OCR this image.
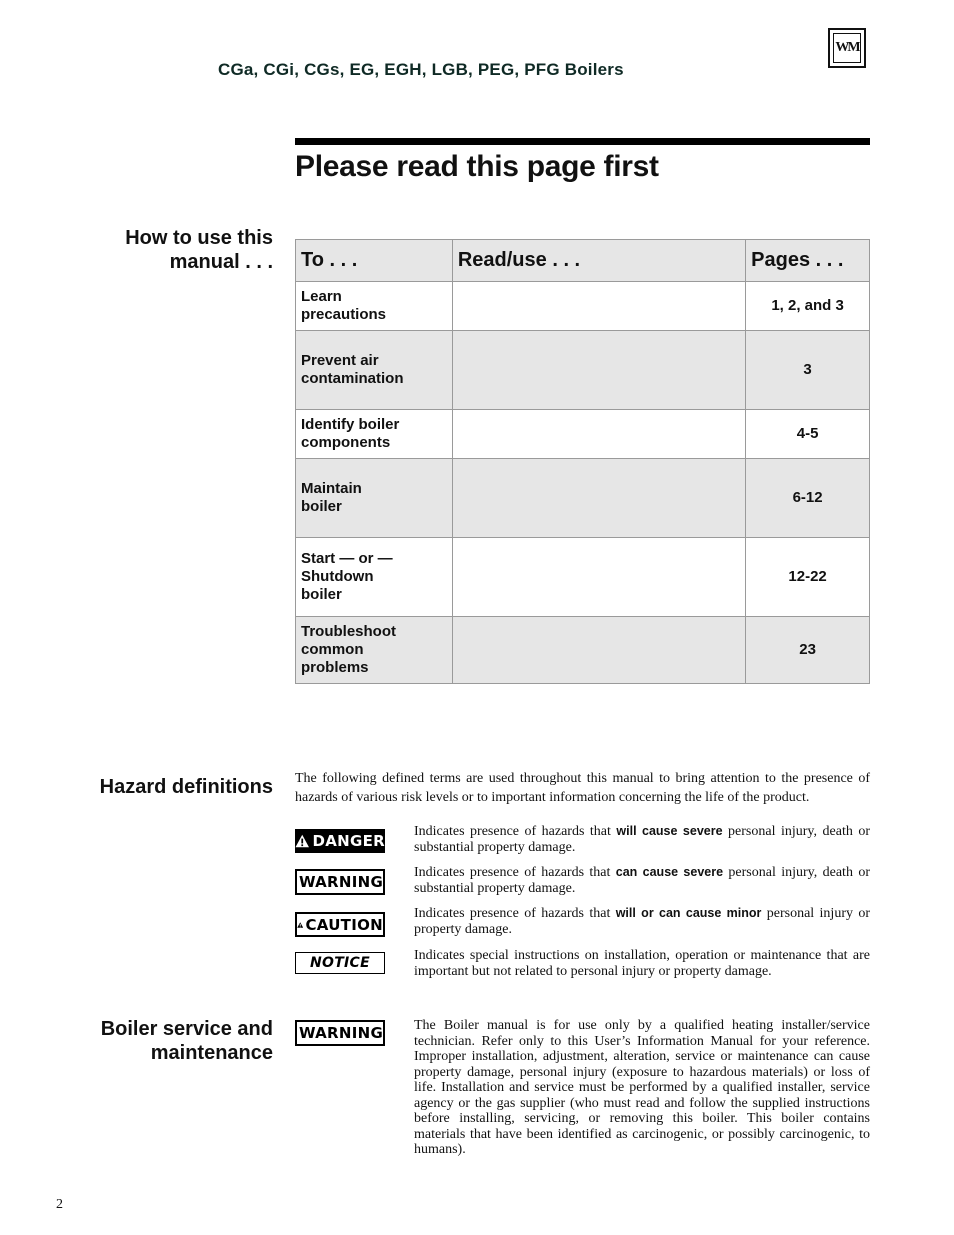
CGa, CGi, CGs, EG, EGH, LGB, PEG, PFG Boilers
WM
Please read this page first
How to use this
manual . . . To . . .	Read/use . . .	Pages . . .

Learn
precautions		1, 2, and 3

Prevent air
contamination		3

Identify boiler
components		4-5

Maintain
boiler		6-12

Start — or —
Shutdown
boiler		12-22

Troubleshoot
common
problems		23
Hazard definitions The following defined terms are used throughout this manual to bring attention to the presence of hazards of various risk levels or to important information concerning the life of the product.
DANGER
Indicates presence of hazards that will cause severe personal injury, death or substantial property damage.
WARNING
Indicates presence of hazards that can cause severe personal injury, death or substantial property damage.
CAUTION
Indicates presence of hazards that will or can cause minor personal injury or property damage.
NOTICE	Indicates special instructions on installation, operation or maintenance that are important but not related to personal injury or property damage.
Boiler service and
maintenance
WARNING The Boiler manual is for use only by a qualified heating installer/service technician. Refer only to this User’s Information Manual for your reference. Improper installation, adjustment, alteration, service or maintenance can cause property damage, personal injury (exposure to hazardous materials) or loss of life. Installation and service must be performed by a qualified installer, service agency or the gas supplier (who must read and follow the supplied instructions before installing, servicing, or removing this boiler. This boiler contains materials that have been identified as carcinogenic, or possibly carcinogenic, to humans).
2
